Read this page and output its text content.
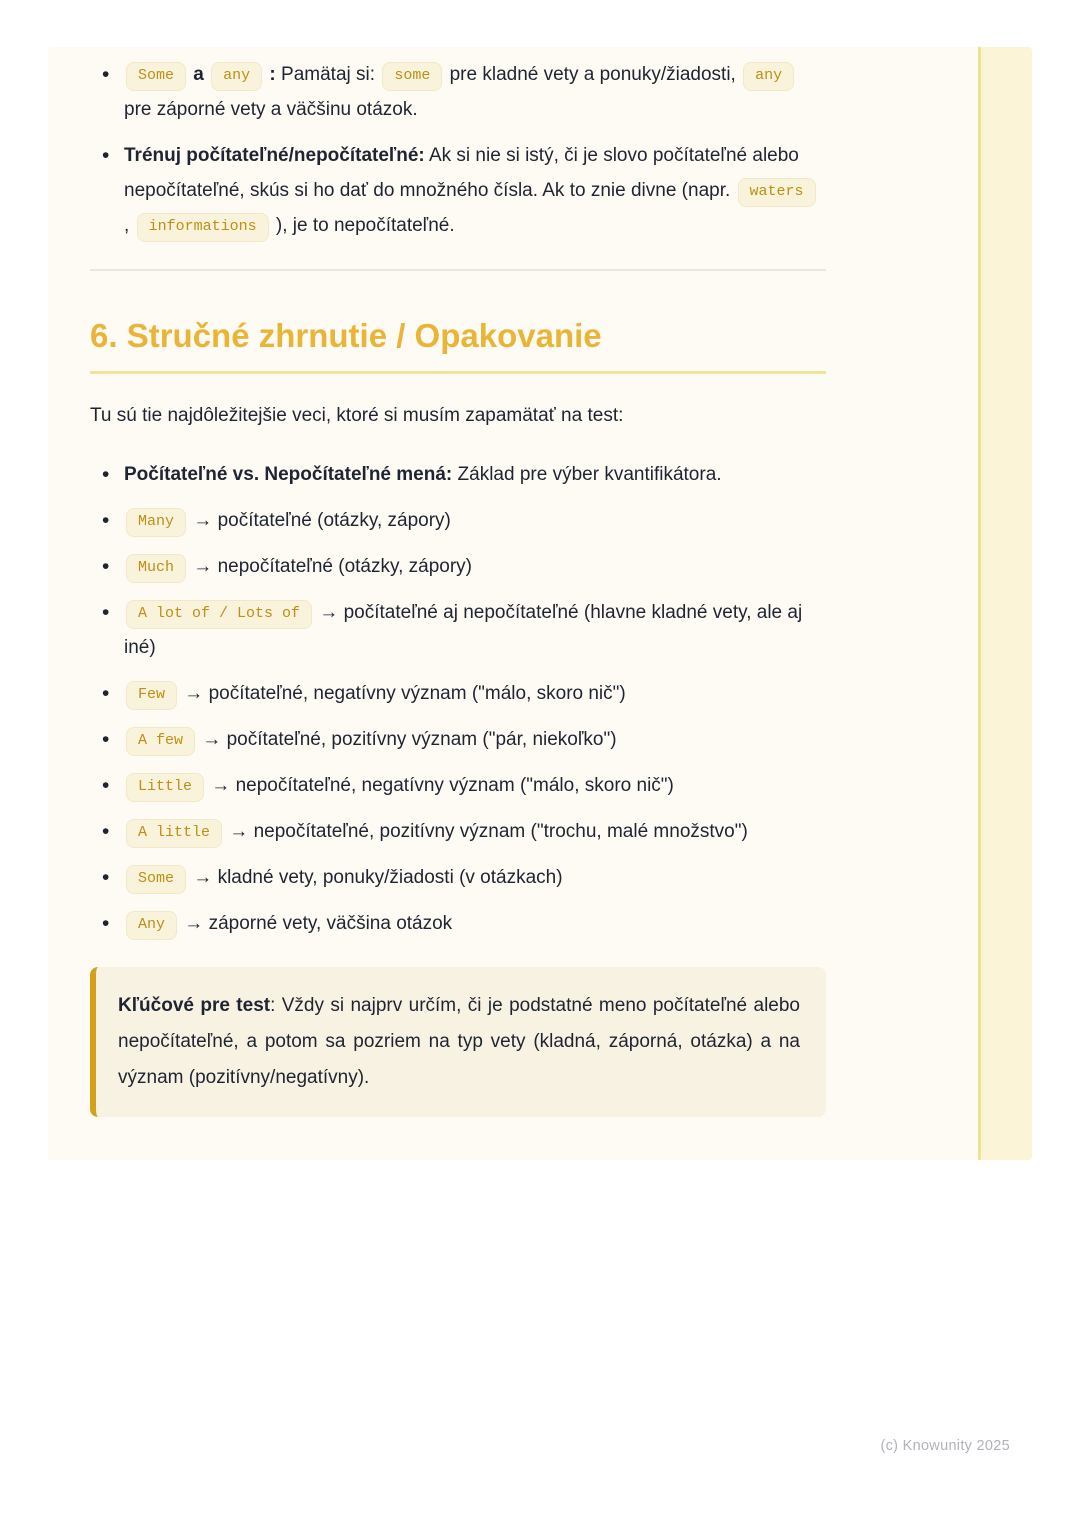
• Some a any : Pamätaj si: some pre kladné vety a ponuky/žiadosti, any pre záporné vety a väčšinu otázok.
• Trénuj počítateľné/nepočítateľné: Ak si nie si istý, či je slovo počítateľné alebo nepočítateľné, skús si ho dať do množného čísla. Ak to znie divne (napr. waters , informations ), je to nepočítateľné.
6. Stručné zhrnutie / Opakovanie

Tu sú tie najdôležitejšie veci, ktoré si musím zapamätať na test:

• Počítateľné vs. Nepočítateľné mená: Základ pre výber kvantifikátora.
• Many → počítateľné (otázky, zápory)
• Much → nepočítateľné (otázky, zápory)
• A lot of / Lots of → počítateľné aj nepočítateľné (hlavne kladné vety, ale aj iné)
• Few → počítateľné, negatívny význam ("málo, skoro nič")
• A few → počítateľné, pozitívny význam ("pár, niekoľko")
• Little → nepočítateľné, negatívny význam ("málo, skoro nič")
• A little → nepočítateľné, pozitívny význam ("trochu, malé množstvo")
• Some → kladné vety, ponuky/žiadosti (v otázkach)
• Any → záporné vety, väčšina otázok
Kľúčové pre test: Vždy si najprv určím, či je podstatné meno počítateľné alebo nepočítateľné, a potom sa pozriem na typ vety (kladná, záporná, otázka) a na význam (pozitívny/negatívny).
(c) Knowunity 2025
